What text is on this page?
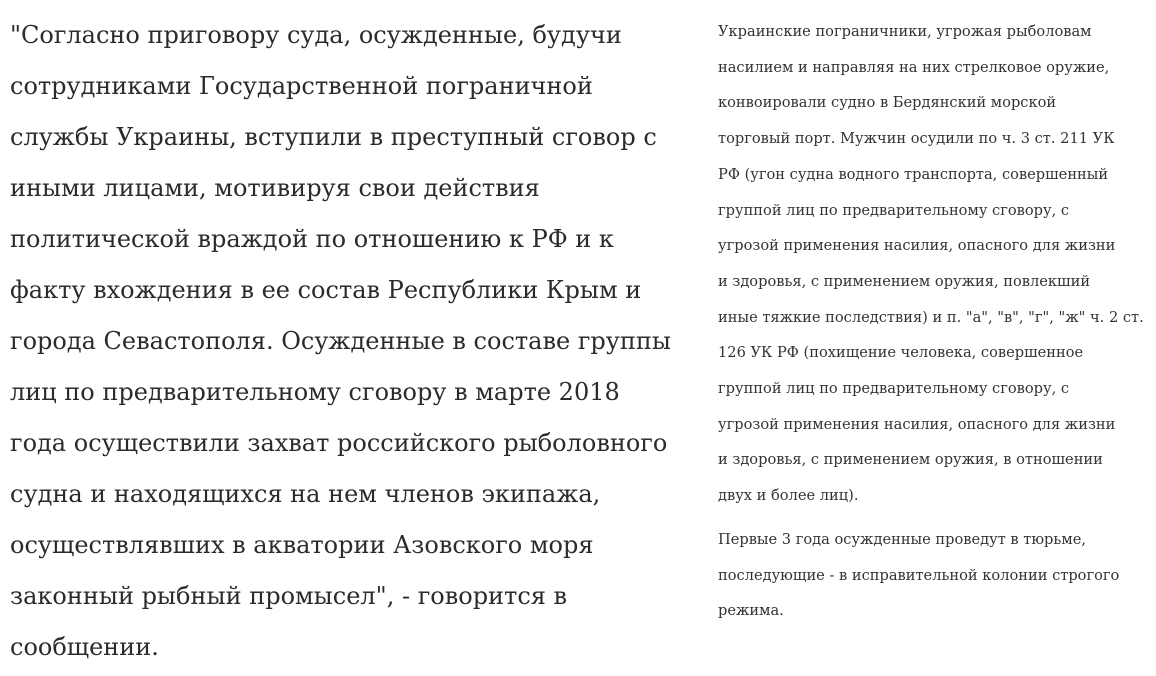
"Согласно приговору суда, осужденные, будучи
сотрудниками Государственной пограничной
службы Украины, вступили в преступный сговор с
иными лицами, мотивируя свои действия
политической враждой по отношению к РФ и к
факту вхождения в ее состав Республики Крым и
города Севастополя. Осужденные в составе группы
лиц по предварительному сговору в марте 2018
года осуществили захват российского рыболовного
судна и находящихся на нем членов экипажа,
осуществлявших в акватории Азовского моря
законный рыбный промысел", - говорится в
сообщении.

Украинские пограничники, угрожая рыболовам
насилием и направляя на них стрелковое оружие,
конвоировали судно в Бердянский морской
торговый порт. Мужчин осудили по ч. 3 ст. 211 УК
РФ (угон судна водного транспорта, совершенный
группой лиц по предварительному сговору, с
угрозой применения насилия, опасного для жизни
и здоровья, с применением оружия, повлекший
иные тяжкие последствия) и п. "а", "в", "г", "ж" ч. 2 ст.
126 УК РФ (похищение человека, совершенное
группой лиц по предварительному сговору, с
угрозой применения насилия, опасного для жизни
и здоровья, с применением оружия, в отношении
двух и более лиц).

Первые 3 года осужденные проведут в тюрьме,
последующие - в исправительной колонии строгого
режима.
